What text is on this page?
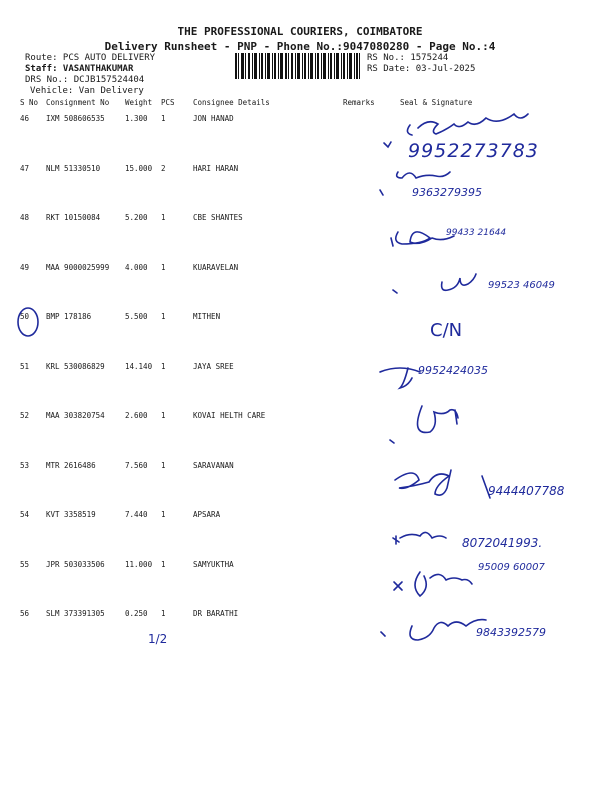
THE PROFESSIONAL COURIERS, COIMBATORE
Delivery Runsheet - PNP - Phone No.:9047080280 - Page No.:4
Route: PCS AUTO DELIVERY
Staff: VASANTHAKUMAR
DRS No.: DCJB157524404
Vehicle: Van Delivery
RS No.: 1575244
RS Date: 03-Jul-2025
S No	Consignment No	Weight	PCS	Consignee Details	Remarks	Seal & Signature
46	IXM 508606535	1.300	1	JON HANAD		
47	NLM 51330510	15.000	2	HARI HARAN		
48	RKT 10150084	5.200	1	CBE SHANTES		
49	MAA 9000025999	4.000	1	KUARAVELAN		
50	BMP 178186	5.500	1	MITHEN		
51	KRL 530086829	14.140	1	JAYA SREE		
52	MAA 303820754	2.600	1	KOVAI HELTH CARE		
53	MTR 2616486	7.560	1	SARAVANAN		
54	KVT 3358519	7.440	1	APSARA		
55	JPR 503033506	11.000	1	SAMYUKTHA		
56	SLM 373391305	0.250	1	DR BARATHI		
9952273783
9363279395
99433 21644
99523 46049
C/N
9952424035
9444407788
8072041993.
95009 60007
9843392579
1/2
